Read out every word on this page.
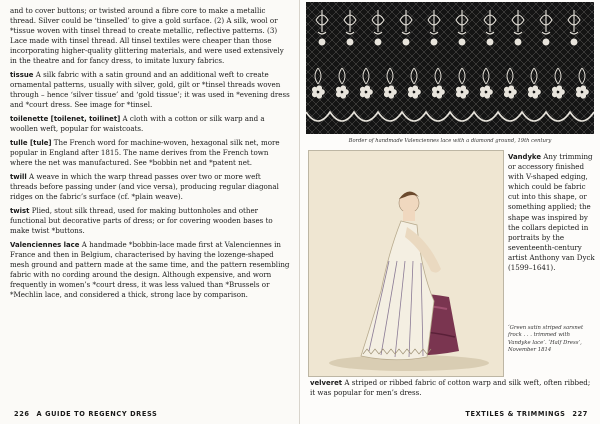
and to cover buttons; or twisted around a fibre core to make a metallic thread. Silver could be ‘tinselled’ to give a gold surface. (2) A silk, wool or *tissue woven with tinsel thread to create metallic, reflective patterns. (3) Lace made with tinsel thread. All tinsel textiles were cheaper than those incorporating higher-quality glittering materials, and were used extensively in the theatre and for fancy dress, to imitate luxury fabrics.

tissue A silk fabric with a satin ground and an additional weft to create ornamental patterns, usually with silver, gold, gilt or *tinsel threads woven through – hence ‘silver tissue’ and ‘gold tissue’; it was used in *evening dress and *court dress. See image for *tinsel.

toilenette [toilenet, toilinet] A cloth with a cotton or silk warp and a woollen weft, popular for waistcoats.

tulle [tule] The French word for machine-woven, hexagonal silk net, more popular in England after 1815. The name derives from the French town where the net was manufactured. See *bobbin net and *patent net.

twill A weave in which the warp thread passes over two or more weft threads before passing under (and vice versa), producing regular diagonal ridges on the fabric’s surface (cf. *plain weave).

twist Plied, stout silk thread, used for making buttonholes and other functional but decorative parts of dress; or for covering wooden bases to make twist *buttons.

Valenciennes lace A handmade *bobbin-lace made first at Valenciennes in France and then in Belgium, characterised by having the lozenge-shaped mesh ground and pattern made at the same time, and the pattern resembling fabric with no cording around the design. Although expensive, and worn frequently in women’s *court dress, it was less valued than *Brussels or *Mechlin lace, and considered a thick, strong lace by comparison.

226 A GUIDE TO REGENCY DRESS
Border of handmade Valenciennes lace with a diamond ground, 19th century

Vandyke Any trimming or accessory finished with V-shaped edging, which could be fabric cut into this shape, or something applied; the shape was inspired by the collars depicted in portraits by the seventeenth-century artist Anthony van Dyck (1599–1641).

‘Green satin striped sarsnet frock . . . trimmed with Vandyke lace’. ‘Half Dress’, November 1814

velveret A striped or ribbed fabric of cotton warp and silk weft, often ribbed; it was popular for men’s dress.

TEXTILES & TRIMMINGS 227
